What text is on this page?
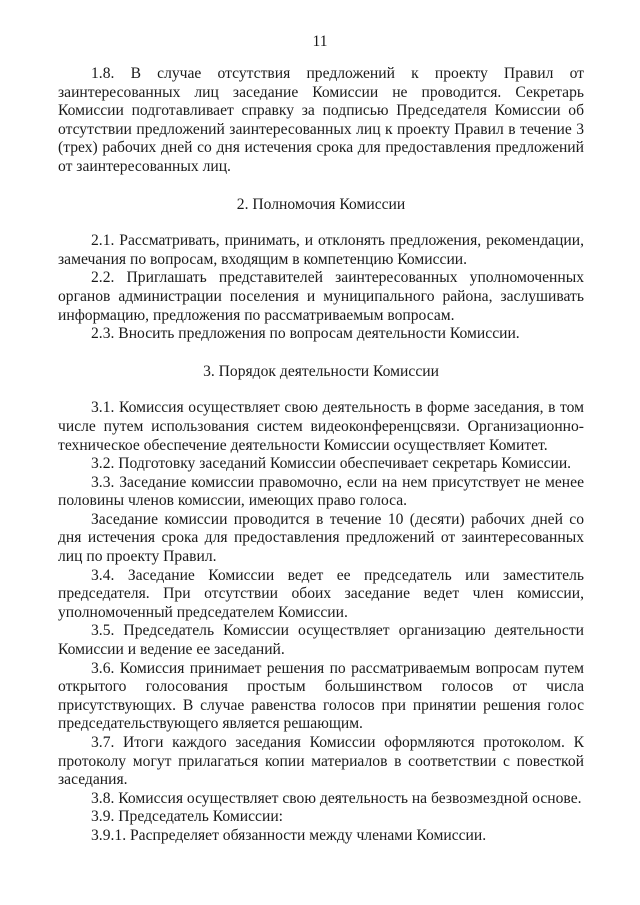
11

1.8. В случае отсутствия предложений к проекту Правил от заинтересованных лиц заседание Комиссии не проводится. Секретарь Комиссии подготавливает справку за подписью Председателя Комиссии об отсутствии предложений заинтересованных лиц к проекту Правил в течение 3 (трех) рабочих дней со дня истечения срока для предоставления предложений от заинтересованных лиц.

2. Полномочия Комиссии

2.1. Рассматривать, принимать, и отклонять предложения, рекомендации, замечания по вопросам, входящим в компетенцию Комиссии.

2.2. Приглашать представителей заинтересованных уполномоченных органов администрации поселения и муниципального района, заслушивать информацию, предложения по рассматриваемым вопросам.

2.3. Вносить предложения по вопросам деятельности Комиссии.

3. Порядок деятельности Комиссии

3.1. Комиссия осуществляет свою деятельность в форме заседания, в том числе путем использования систем видеоконференцсвязи. Организационно-техническое обеспечение деятельности Комиссии осуществляет Комитет.

3.2. Подготовку заседаний Комиссии обеспечивает секретарь Комиссии.

3.3. Заседание комиссии правомочно, если на нем присутствует не менее половины членов комиссии, имеющих право голоса.

Заседание комиссии проводится в течение 10 (десяти) рабочих дней со дня истечения срока для предоставления предложений от заинтересованных лиц по проекту Правил.

3.4. Заседание Комиссии ведет ее председатель или заместитель председателя. При отсутствии обоих заседание ведет член комиссии, уполномоченный председателем Комиссии.

3.5. Председатель Комиссии осуществляет организацию деятельности Комиссии и ведение ее заседаний.

3.6. Комиссия принимает решения по рассматриваемым вопросам путем открытого голосования простым большинством голосов от числа присутствующих. В случае равенства голосов при принятии решения голос председательствующего является решающим.

3.7. Итоги каждого заседания Комиссии оформляются протоколом. К протоколу могут прилагаться копии материалов в соответствии с повесткой заседания.

3.8. Комиссия осуществляет свою деятельность на безвозмездной основе.

3.9. Председатель Комиссии:

3.9.1. Распределяет обязанности между членами Комиссии.
